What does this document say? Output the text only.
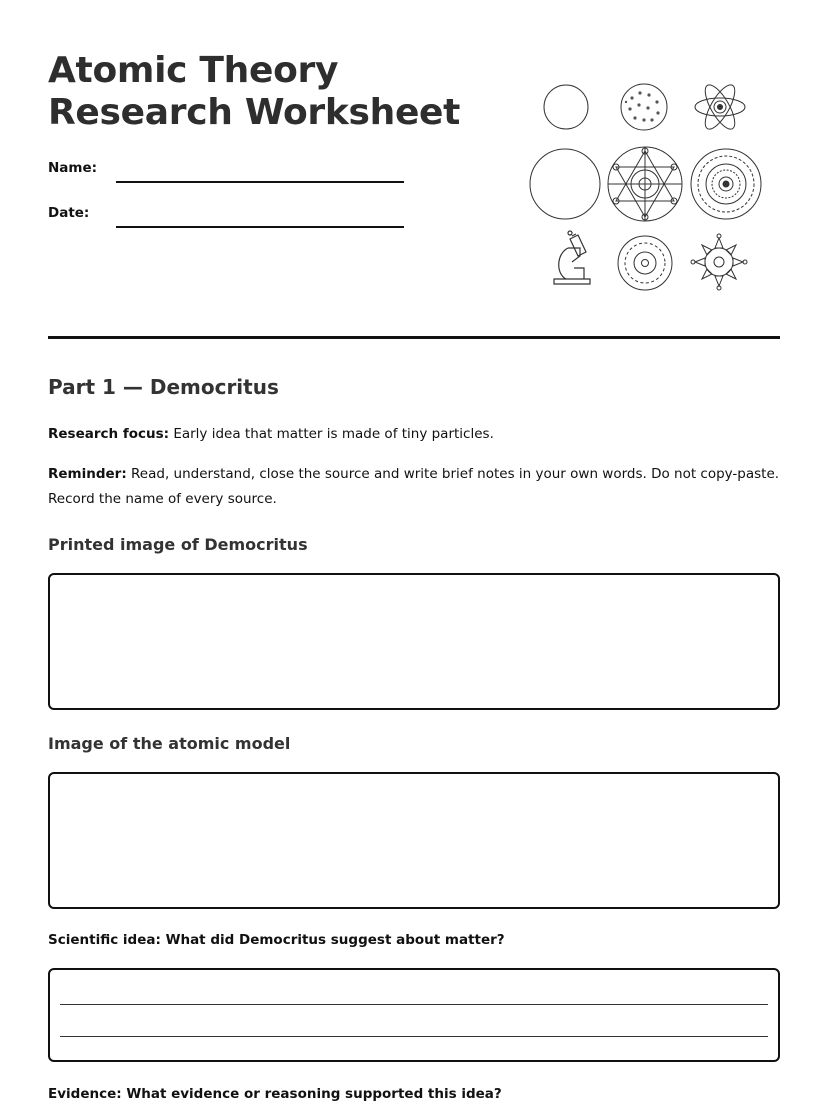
Atomic Theory Research Worksheet
Name:
Date:
Part 1 — Democritus

Research focus: Early idea that matter is made of tiny particles.

Reminder: Read, understand, close the source and write brief notes in your own words. Do not copy-paste. Record the name of every source.

Printed image of Democritus
Image of the atomic model
Scientific idea: What did Democritus suggest about matter?
Evidence: What evidence or reasoning supported this idea?
